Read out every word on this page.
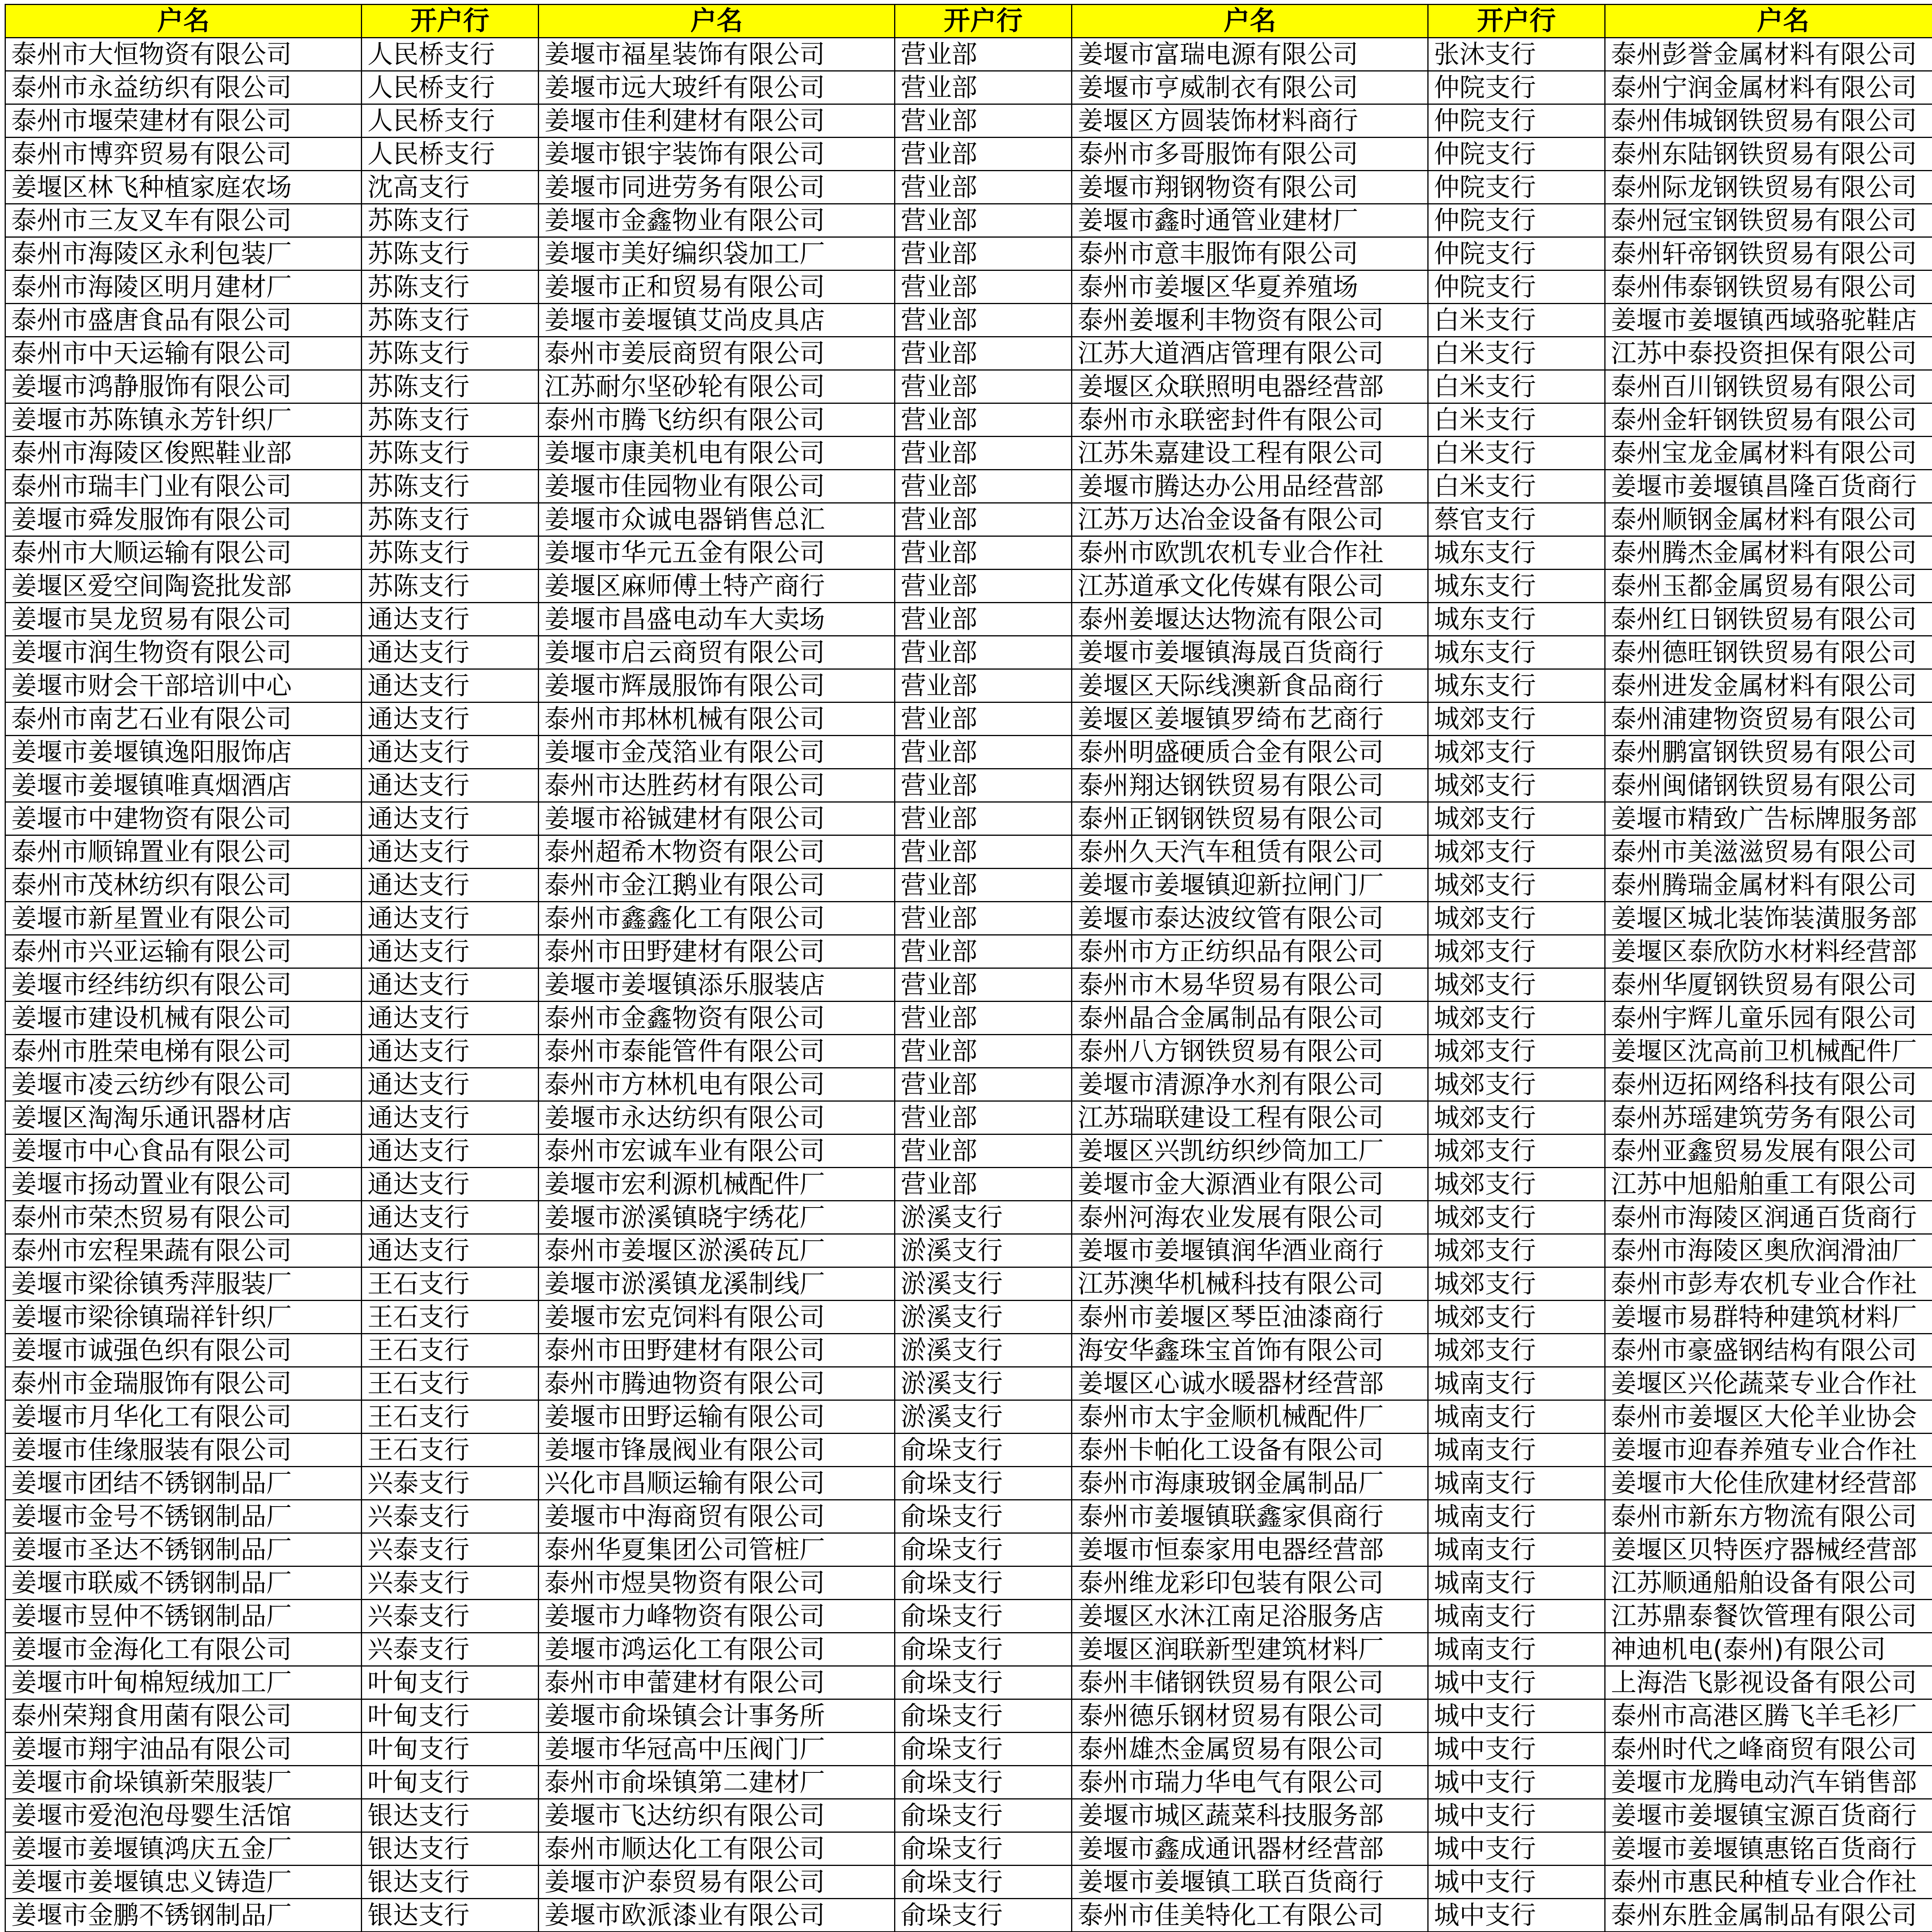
户名	开户行	户名	开户行	户名	开户行	户名	
泰州市大恒物资有限公司	人民桥支行	姜堰市福星装饰有限公司	营业部	姜堰市富瑞电源有限公司	张沐支行	泰州彭誉金属材料有限公司	
泰州市永益纺织有限公司	人民桥支行	姜堰市远大玻纤有限公司	营业部	姜堰市亨威制衣有限公司	仲院支行	泰州宁润金属材料有限公司	
泰州市堰荣建材有限公司	人民桥支行	姜堰市佳利建材有限公司	营业部	姜堰区方圆装饰材料商行	仲院支行	泰州伟城钢铁贸易有限公司	
泰州市博弈贸易有限公司	人民桥支行	姜堰市银宇装饰有限公司	营业部	泰州市多哥服饰有限公司	仲院支行	泰州东陆钢铁贸易有限公司	
姜堰区林飞种植家庭农场	沈高支行	姜堰市同进劳务有限公司	营业部	姜堰市翔钢物资有限公司	仲院支行	泰州际龙钢铁贸易有限公司	
泰州市三友叉车有限公司	苏陈支行	姜堰市金鑫物业有限公司	营业部	姜堰市鑫时通管业建材厂	仲院支行	泰州冠宝钢铁贸易有限公司	
泰州市海陵区永利包装厂	苏陈支行	姜堰市美好编织袋加工厂	营业部	泰州市意丰服饰有限公司	仲院支行	泰州轩帝钢铁贸易有限公司	
泰州市海陵区明月建材厂	苏陈支行	姜堰市正和贸易有限公司	营业部	泰州市姜堰区华夏养殖场	仲院支行	泰州伟泰钢铁贸易有限公司	
泰州市盛唐食品有限公司	苏陈支行	姜堰市姜堰镇艾尚皮具店	营业部	泰州姜堰利丰物资有限公司	白米支行	姜堰市姜堰镇西域骆驼鞋店	
泰州市中天运输有限公司	苏陈支行	泰州市姜辰商贸有限公司	营业部	江苏大道酒店管理有限公司	白米支行	江苏中泰投资担保有限公司	
姜堰市鸿静服饰有限公司	苏陈支行	江苏耐尔坚砂轮有限公司	营业部	姜堰区众联照明电器经营部	白米支行	泰州百川钢铁贸易有限公司	
姜堰市苏陈镇永芳针织厂	苏陈支行	泰州市腾飞纺织有限公司	营业部	泰州市永联密封件有限公司	白米支行	泰州金轩钢铁贸易有限公司	
泰州市海陵区俊熙鞋业部	苏陈支行	姜堰市康美机电有限公司	营业部	江苏朱嘉建设工程有限公司	白米支行	泰州宝龙金属材料有限公司	
泰州市瑞丰门业有限公司	苏陈支行	姜堰市佳园物业有限公司	营业部	姜堰市腾达办公用品经营部	白米支行	姜堰市姜堰镇昌隆百货商行	
姜堰市舜发服饰有限公司	苏陈支行	姜堰市众诚电器销售总汇	营业部	江苏万达冶金设备有限公司	蔡官支行	泰州顺钢金属材料有限公司	
泰州市大顺运输有限公司	苏陈支行	姜堰市华元五金有限公司	营业部	泰州市欧凯农机专业合作社	城东支行	泰州腾杰金属材料有限公司	
姜堰区爱空间陶瓷批发部	苏陈支行	姜堰区麻师傅土特产商行	营业部	江苏道承文化传媒有限公司	城东支行	泰州玉都金属贸易有限公司	
姜堰市昊龙贸易有限公司	通达支行	姜堰市昌盛电动车大卖场	营业部	泰州姜堰达达物流有限公司	城东支行	泰州红日钢铁贸易有限公司	
姜堰市润生物资有限公司	通达支行	姜堰市启云商贸有限公司	营业部	姜堰市姜堰镇海晟百货商行	城东支行	泰州德旺钢铁贸易有限公司	
姜堰市财会干部培训中心	通达支行	姜堰市辉晟服饰有限公司	营业部	姜堰区天际线澳新食品商行	城东支行	泰州进发金属材料有限公司	
泰州市南艺石业有限公司	通达支行	泰州市邦林机械有限公司	营业部	姜堰区姜堰镇罗绮布艺商行	城郊支行	泰州浦建物资贸易有限公司	
姜堰市姜堰镇逸阳服饰店	通达支行	姜堰市金茂箔业有限公司	营业部	泰州明盛硬质合金有限公司	城郊支行	泰州鹏富钢铁贸易有限公司	
姜堰市姜堰镇唯真烟酒店	通达支行	泰州市达胜药材有限公司	营业部	泰州翔达钢铁贸易有限公司	城郊支行	泰州闽储钢铁贸易有限公司	
姜堰市中建物资有限公司	通达支行	姜堰市裕铖建材有限公司	营业部	泰州正钢钢铁贸易有限公司	城郊支行	姜堰市精致广告标牌服务部	
泰州市顺锦置业有限公司	通达支行	泰州超希木物资有限公司	营业部	泰州久天汽车租赁有限公司	城郊支行	泰州市美滋滋贸易有限公司	
泰州市茂林纺织有限公司	通达支行	泰州市金江鹅业有限公司	营业部	姜堰市姜堰镇迎新拉闸门厂	城郊支行	泰州腾瑞金属材料有限公司	
姜堰市新星置业有限公司	通达支行	泰州市鑫鑫化工有限公司	营业部	姜堰市泰达波纹管有限公司	城郊支行	姜堰区城北装饰装潢服务部	
泰州市兴亚运输有限公司	通达支行	泰州市田野建材有限公司	营业部	泰州市方正纺织品有限公司	城郊支行	姜堰区泰欣防水材料经营部	
姜堰市经纬纺织有限公司	通达支行	姜堰市姜堰镇添乐服装店	营业部	泰州市木易华贸易有限公司	城郊支行	泰州华厦钢铁贸易有限公司	
姜堰市建设机械有限公司	通达支行	泰州市金鑫物资有限公司	营业部	泰州晶合金属制品有限公司	城郊支行	泰州宇辉儿童乐园有限公司	
泰州市胜荣电梯有限公司	通达支行	泰州市泰能管件有限公司	营业部	泰州八方钢铁贸易有限公司	城郊支行	姜堰区沈高前卫机械配件厂	
姜堰市凌云纺纱有限公司	通达支行	泰州市方林机电有限公司	营业部	姜堰市清源净水剂有限公司	城郊支行	泰州迈拓网络科技有限公司	
姜堰区淘淘乐通讯器材店	通达支行	姜堰市永达纺织有限公司	营业部	江苏瑞联建设工程有限公司	城郊支行	泰州苏瑶建筑劳务有限公司	
姜堰市中心食品有限公司	通达支行	泰州市宏诚车业有限公司	营业部	姜堰区兴凯纺织纱筒加工厂	城郊支行	泰州亚鑫贸易发展有限公司	
姜堰市扬动置业有限公司	通达支行	姜堰市宏利源机械配件厂	营业部	姜堰市金大源酒业有限公司	城郊支行	江苏中旭船舶重工有限公司	
泰州市荣杰贸易有限公司	通达支行	姜堰市淤溪镇晓宇绣花厂	淤溪支行	泰州河海农业发展有限公司	城郊支行	泰州市海陵区润通百货商行	
泰州市宏程果蔬有限公司	通达支行	泰州市姜堰区淤溪砖瓦厂	淤溪支行	姜堰市姜堰镇润华酒业商行	城郊支行	泰州市海陵区奥欣润滑油厂	
姜堰市梁徐镇秀萍服装厂	王石支行	姜堰市淤溪镇龙溪制线厂	淤溪支行	江苏澳华机械科技有限公司	城郊支行	泰州市彭寿农机专业合作社	
姜堰市梁徐镇瑞祥针织厂	王石支行	姜堰市宏克饲料有限公司	淤溪支行	泰州市姜堰区琴臣油漆商行	城郊支行	姜堰市易群特种建筑材料厂	
姜堰市诚强色织有限公司	王石支行	泰州市田野建材有限公司	淤溪支行	海安华鑫珠宝首饰有限公司	城郊支行	泰州市豪盛钢结构有限公司	
泰州市金瑞服饰有限公司	王石支行	泰州市腾迪物资有限公司	淤溪支行	姜堰区心诚水暖器材经营部	城南支行	姜堰区兴伦蔬菜专业合作社	
姜堰市月华化工有限公司	王石支行	姜堰市田野运输有限公司	淤溪支行	泰州市太宇金顺机械配件厂	城南支行	泰州市姜堰区大伦羊业协会	
姜堰市佳缘服装有限公司	王石支行	姜堰市锋晟阀业有限公司	俞垛支行	泰州卡帕化工设备有限公司	城南支行	姜堰市迎春养殖专业合作社	
姜堰市团结不锈钢制品厂	兴泰支行	兴化市昌顺运输有限公司	俞垛支行	泰州市海康玻钢金属制品厂	城南支行	姜堰市大伦佳欣建材经营部	
姜堰市金号不锈钢制品厂	兴泰支行	姜堰市中海商贸有限公司	俞垛支行	泰州市姜堰镇联鑫家俱商行	城南支行	泰州市新东方物流有限公司	
姜堰市圣达不锈钢制品厂	兴泰支行	泰州华夏集团公司管桩厂	俞垛支行	姜堰市恒泰家用电器经营部	城南支行	姜堰区贝特医疗器械经营部	
姜堰市联威不锈钢制品厂	兴泰支行	泰州市煜昊物资有限公司	俞垛支行	泰州维龙彩印包装有限公司	城南支行	江苏顺通船舶设备有限公司	
姜堰市昱仲不锈钢制品厂	兴泰支行	姜堰市力峰物资有限公司	俞垛支行	姜堰区水沐江南足浴服务店	城南支行	江苏鼎泰餐饮管理有限公司	
姜堰市金海化工有限公司	兴泰支行	姜堰市鸿运化工有限公司	俞垛支行	姜堰区润联新型建筑材料厂	城南支行	神迪机电(泰州)有限公司	
姜堰市叶甸棉短绒加工厂	叶甸支行	泰州市申蕾建材有限公司	俞垛支行	泰州丰储钢铁贸易有限公司	城中支行	上海浩飞影视设备有限公司	
泰州荣翔食用菌有限公司	叶甸支行	姜堰市俞垛镇会计事务所	俞垛支行	泰州德乐钢材贸易有限公司	城中支行	泰州市高港区腾飞羊毛衫厂	
姜堰市翔宇油品有限公司	叶甸支行	姜堰市华冠高中压阀门厂	俞垛支行	泰州雄杰金属贸易有限公司	城中支行	泰州时代之峰商贸有限公司	
姜堰市俞垛镇新荣服装厂	叶甸支行	泰州市俞垛镇第二建材厂	俞垛支行	泰州市瑞力华电气有限公司	城中支行	姜堰市龙腾电动汽车销售部	
姜堰市爱泡泡母婴生活馆	银达支行	姜堰市飞达纺织有限公司	俞垛支行	姜堰市城区蔬菜科技服务部	城中支行	姜堰市姜堰镇宝源百货商行	
姜堰市姜堰镇鸿庆五金厂	银达支行	泰州市顺达化工有限公司	俞垛支行	姜堰市鑫成通讯器材经营部	城中支行	姜堰市姜堰镇惠铭百货商行	
姜堰市姜堰镇忠义铸造厂	银达支行	姜堰市沪泰贸易有限公司	俞垛支行	姜堰市姜堰镇工联百货商行	城中支行	泰州市惠民种植专业合作社	
姜堰市金鹏不锈钢制品厂	银达支行	姜堰市欧派漆业有限公司	俞垛支行	泰州市佳美特化工有限公司	城中支行	泰州东胜金属制品有限公司	
